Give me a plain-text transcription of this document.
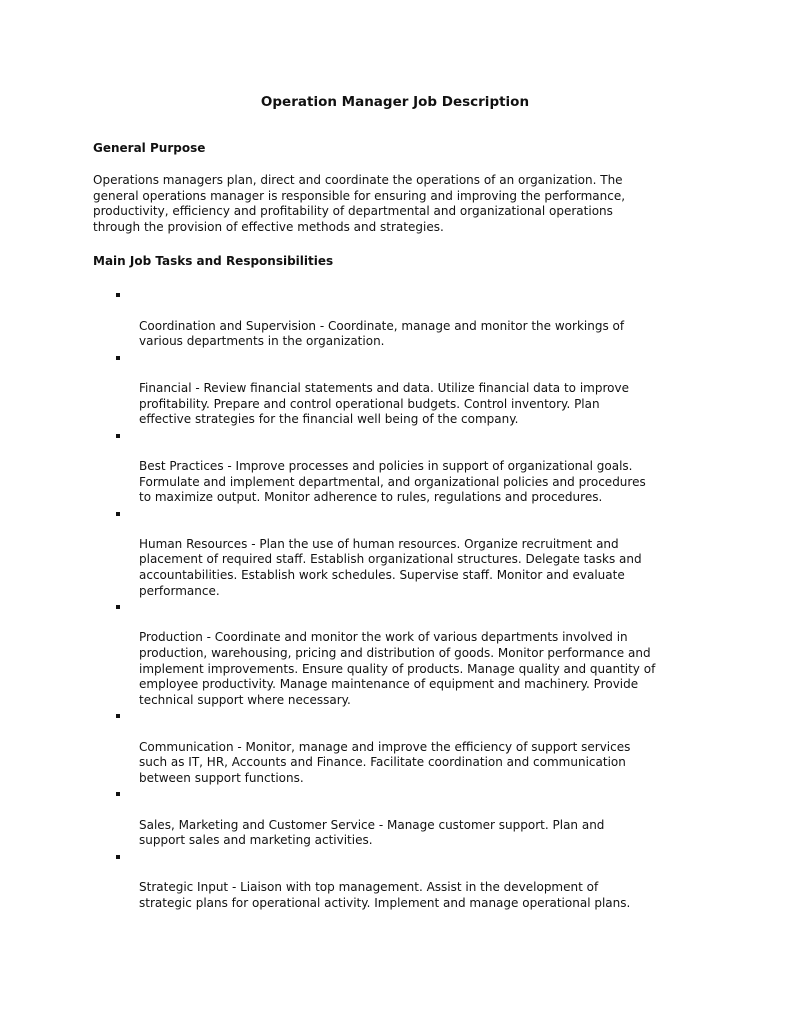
Operation Manager Job Description
General Purpose

Operations managers plan, direct and coordinate the operations of an organization. The
general operations manager is responsible for ensuring and improving the performance,
productivity, efficiency and profitability of departmental and organizational operations
through the provision of effective methods and strategies.

Main Job Tasks and Responsibilities

Coordination and Supervision - Coordinate, manage and monitor the workings of
various departments in the organization.

Financial - Review financial statements and data. Utilize financial data to improve
profitability. Prepare and control operational budgets. Control inventory. Plan
effective strategies for the financial well being of the company.

Best Practices - Improve processes and policies in support of organizational goals.
Formulate and implement departmental, and organizational policies and procedures
to maximize output. Monitor adherence to rules, regulations and procedures.

Human Resources - Plan the use of human resources. Organize recruitment and
placement of required staff. Establish organizational structures. Delegate tasks and
accountabilities. Establish work schedules. Supervise staff. Monitor and evaluate
performance.

Production - Coordinate and monitor the work of various departments involved in
production, warehousing, pricing and distribution of goods. Monitor performance and
implement improvements. Ensure quality of products. Manage quality and quantity of
employee productivity. Manage maintenance of equipment and machinery. Provide
technical support where necessary.

Communication - Monitor, manage and improve the efficiency of support services
such as IT, HR, Accounts and Finance. Facilitate coordination and communication
between support functions.

Sales, Marketing and Customer Service - Manage customer support. Plan and
support sales and marketing activities.

Strategic Input - Liaison with top management. Assist in the development of
strategic plans for operational activity. Implement and manage operational plans.
